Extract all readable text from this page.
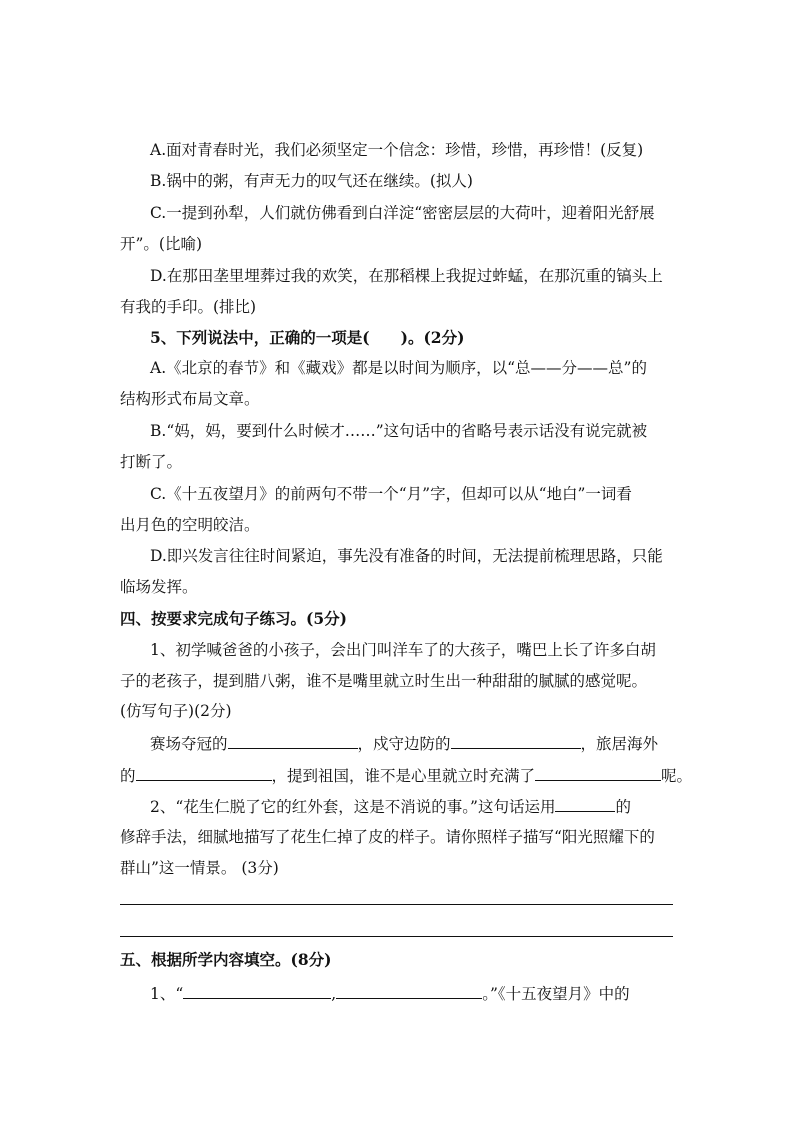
A.面对青春时光，我们必须坚定一个信念：珍惜，珍惜，再珍惜！(反复)
B.锅中的粥，有声无力的叹气还在继续。(拟人)
C.一提到孙犁，人们就仿佛看到白洋淀“密密层层的大荷叶，迎着阳光舒展
开”。(比喻)
D.在那田垄里埋葬过我的欢笑，在那稻棵上我捉过蚱蜢，在那沉重的镐头上
有我的手印。(排比)
5、下列说法中，正确的一项是(　　)。(2分)
A.《北京的春节》和《藏戏》都是以时间为顺序，以“总——分——总”的
结构形式布局文章。
B.“妈，妈，要到什么时候才……”这句话中的省略号表示话没有说完就被
打断了。
C.《十五夜望月》的前两句不带一个“月”字，但却可以从“地白”一词看
出月色的空明皎洁。
D.即兴发言往往时间紧迫，事先没有准备的时间，无法提前梳理思路，只能
临场发挥。
四、按要求完成句子练习。(5分)
1、初学喊爸爸的小孩子，会出门叫洋车了的大孩子，嘴巴上长了许多白胡
子的老孩子，提到腊八粥，谁不是嘴里就立时生出一种甜甜的腻腻的感觉呢。
(仿写句子)(2分)
赛场夺冠的	，戍守边防的	，旅居海外
的	，提到祖国，谁不是心里就立时充满了	呢。
2、“花生仁脱了它的红外套，这是不消说的事。”这句话运用	的
修辞手法，细腻地描写了花生仁掉了皮的样子。请你照样子描写“阳光照耀下的
群山”这一情景。 (3分)
五、根据所学内容填空。(8分)
1、“	,	。”《十五夜望月》中的
